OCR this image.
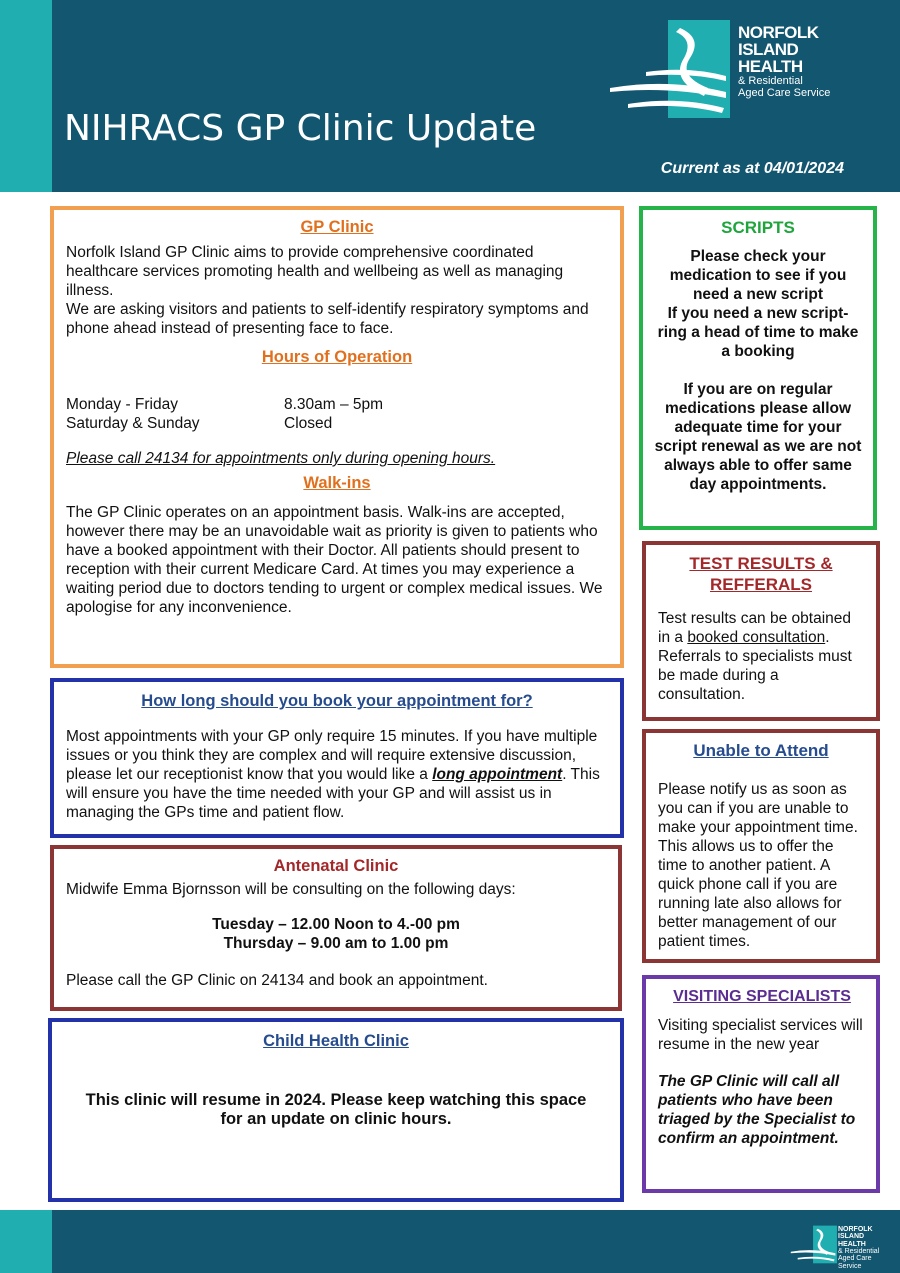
NIHRACS GP Clinic Update
Current as at 04/01/2024
NORFOLK
ISLAND
HEALTH
& Residential
Aged Care Service
GP Clinic

Norfolk Island GP Clinic aims to provide comprehensive coordinated healthcare services promoting health and wellbeing as well as managing illness.

We are asking visitors and patients to self-identify respiratory symptoms and phone ahead instead of presenting face to face.

Hours of Operation
Monday - Friday	8.30am – 5pm
Saturday & Sunday	Closed

Please call 24134 for appointments only during opening hours.

Walk-ins

The GP Clinic operates on an appointment basis. Walk-ins are accepted, however there may be an unavoidable wait as priority is given to patients who have a booked appointment with their Doctor. All patients should present to reception with their current Medicare Card. At times you may experience a waiting period due to doctors tending to urgent or complex medical issues. We apologise for any inconvenience.

How long should you book your appointment for?

Most appointments with your GP only require 15 minutes. If you have multiple issues or you think they are complex and will require extensive discussion, please let our receptionist know that you would like a long appointment. This will ensure you have the time needed with your GP and will assist us in managing the GPs time and patient flow.

Antenatal Clinic

Midwife Emma Bjornsson will be consulting on the following days:

Tuesday – 12.00 Noon to 4.-00 pm

Thursday – 9.00 am to 1.00 pm

Please call the GP Clinic on 24134 and book an appointment.

Child Health Clinic

This clinic will resume in 2024. Please keep watching this space for an update on clinic hours.

SCRIPTS

Please check your medication to see if you need a new script

If you need a new script- ring a head of time to make a booking

If you are on regular medications please allow adequate time for your script renewal as we are not always able to offer same day appointments.

TEST RESULTS & REFFERALS

Test results can be obtained in a booked consultation. Referrals to specialists must be made during a consultation.

Unable to Attend

Please notify us as soon as you can if you are unable to make your appointment time. This allows us to offer the time to another patient. A quick phone call if you are running late also allows for better management of our patient times.

VISITING SPECIALISTS

Visiting specialist services will resume in the new year

The GP Clinic will call all patients who have been triaged by the Specialist to confirm an appointment.

NORFOLK
ISLAND
HEALTH
& Residential
Aged Care Service
